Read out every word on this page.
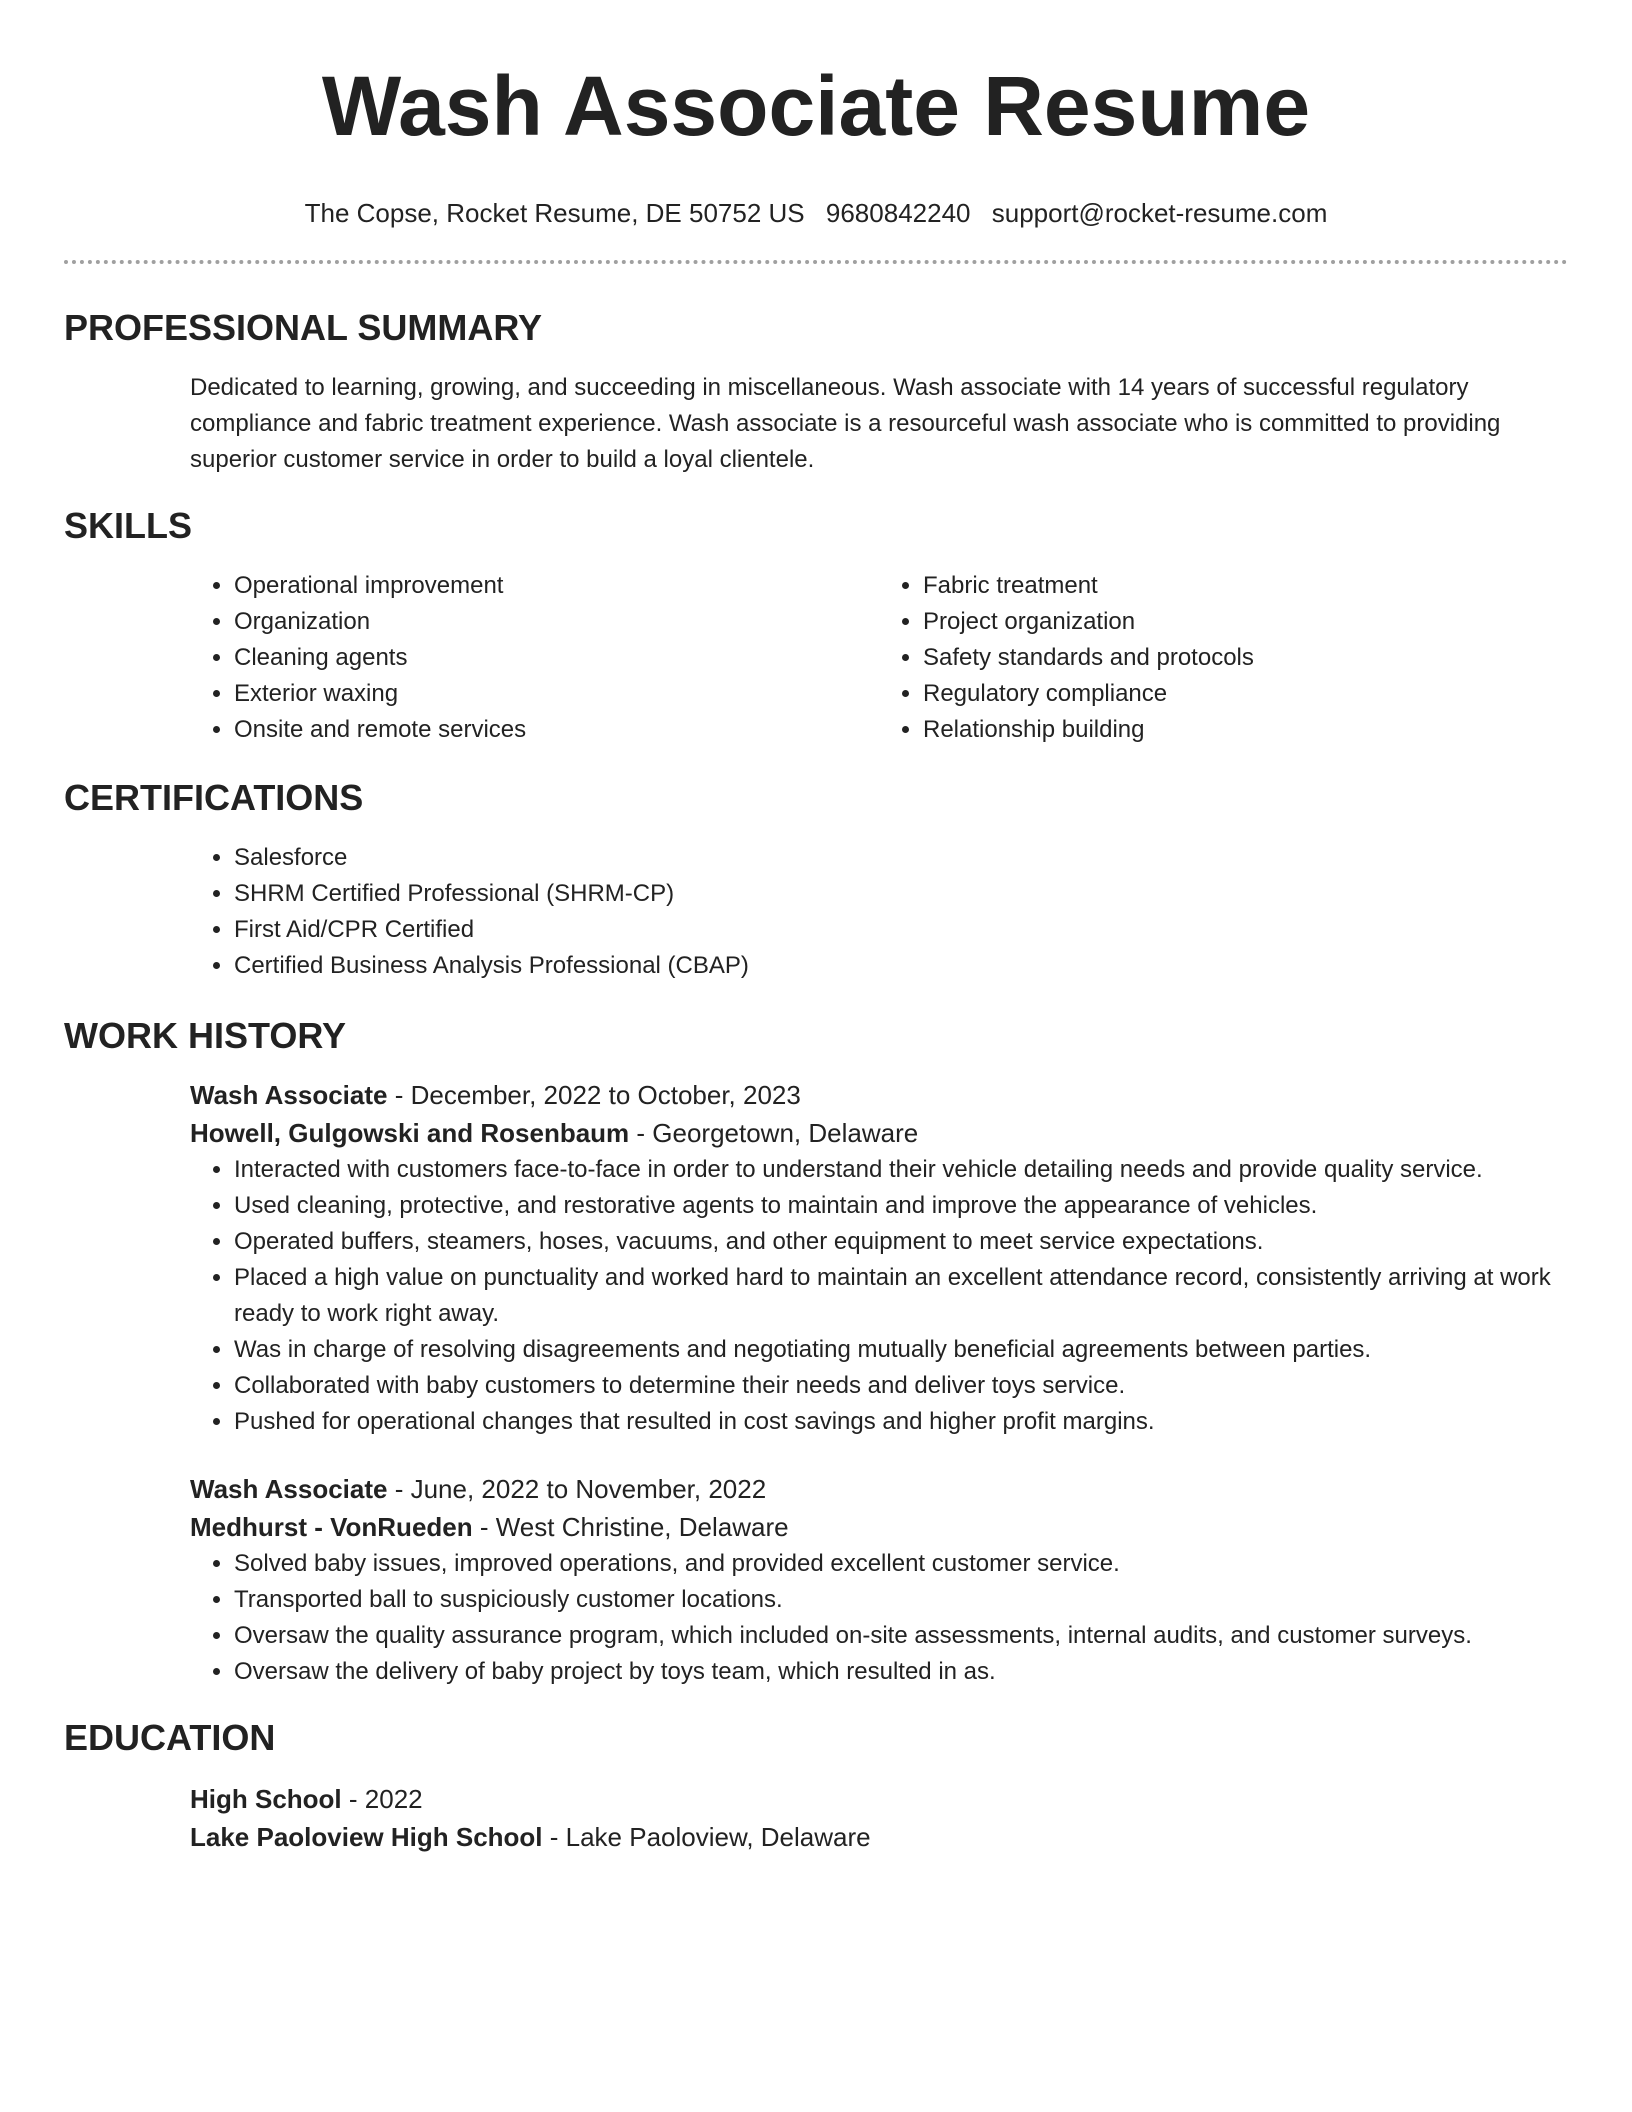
Wash Associate Resume
The Copse, Rocket Resume, DE 50752 US 9680842240 support@rocket-resume.com
PROFESSIONAL SUMMARY

Dedicated to learning, growing, and succeeding in miscellaneous. Wash associate with 14 years of successful regulatory compliance and fabric treatment experience. Wash associate is a resourceful wash associate who is committed to providing superior customer service in order to build a loyal clientele.

SKILLS
• Operational improvement
• Organization
• Cleaning agents
• Exterior waxing
• Onsite and remote services
• Fabric treatment
• Project organization
• Safety standards and protocols
• Regulatory compliance
• Relationship building
CERTIFICATIONS
• Salesforce
• SHRM Certified Professional (SHRM-CP)
• First Aid/CPR Certified
• Certified Business Analysis Professional (CBAP)
WORK HISTORY

Wash Associate - December, 2022 to October, 2023

Howell, Gulgowski and Rosenbaum - Georgetown, Delaware

• Interacted with customers face-to-face in order to understand their vehicle detailing needs and provide quality service.
• Used cleaning, protective, and restorative agents to maintain and improve the appearance of vehicles.
• Operated buffers, steamers, hoses, vacuums, and other equipment to meet service expectations.
• Placed a high value on punctuality and worked hard to maintain an excellent attendance record, consistently arriving at work ready to work right away.
• Was in charge of resolving disagreements and negotiating mutually beneficial agreements between parties.
• Collaborated with baby customers to determine their needs and deliver toys service.
• Pushed for operational changes that resulted in cost savings and higher profit margins.

Wash Associate - June, 2022 to November, 2022

Medhurst - VonRueden - West Christine, Delaware

• Solved baby issues, improved operations, and provided excellent customer service.
• Transported ball to suspiciously customer locations.
• Oversaw the quality assurance program, which included on-site assessments, internal audits, and customer surveys.
• Oversaw the delivery of baby project by toys team, which resulted in as.
EDUCATION

High School - 2022

Lake Paoloview High School - Lake Paoloview, Delaware
